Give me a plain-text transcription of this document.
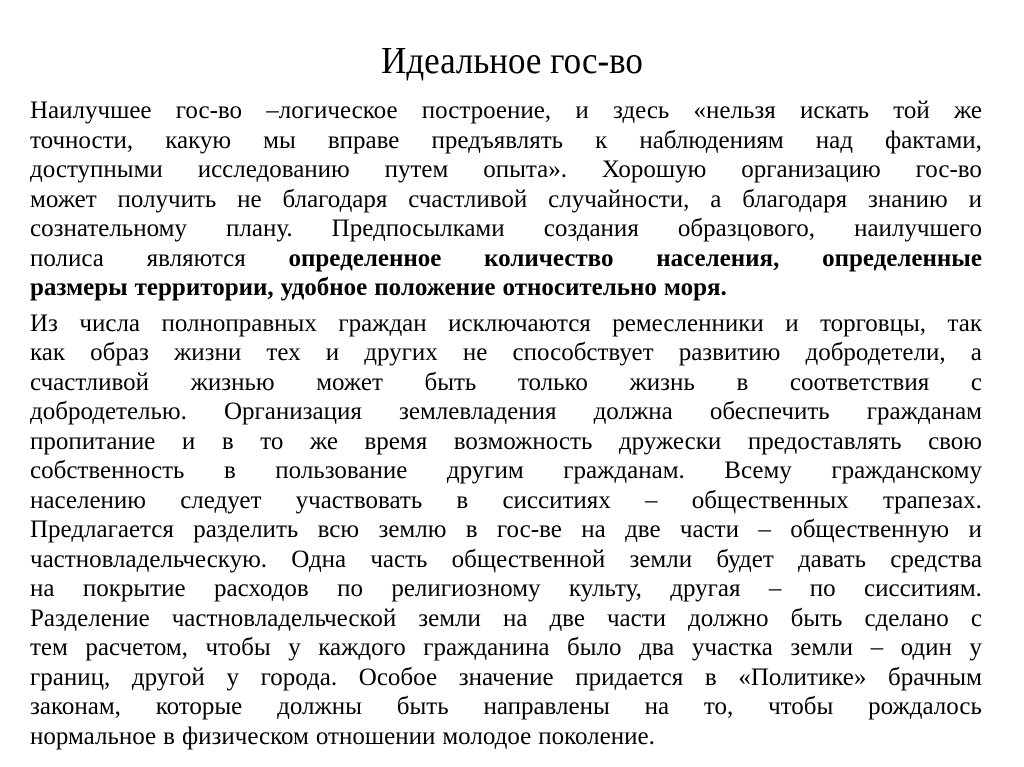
Идеальное гос-во

Наилучшее гос-во –логическое построение, и здесь «нельзя искать той же
точности, какую мы вправе предъявлять к наблюдениям над фактами,
доступными исследованию путем опыта». Хорошую организацию гос-во
может получить не благодаря счастливой случайности, а благодаря знанию и
сознательному плану. Предпосылками создания образцового, наилучшего
полиса являются определенное количество населения, определенные
размеры территории, удобное положение относительно моря.

Из числа полноправных граждан исключаются ремесленники и торговцы, так
как образ жизни тех и других не способствует развитию добродетели, а
счастливой жизнью может быть только жизнь в соответствия с
добродетелью. Организация землевладения должна обеспечить гражданам
пропитание и в то же время возможность дружески предоставлять свою
собственность в пользование другим гражданам. Всему гражданскому
населению следует участвовать в сисситиях – общественных трапезах.
Предлагается разделить всю землю в гос-ве на две части – общественную и
частновладельческую. Одна часть общественной земли будет давать средства
на покрытие расходов по религиозному культу, другая – по сисситиям.
Разделение частновладельческой земли на две части должно быть сделано с
тем расчетом, чтобы у каждого гражданина было два участка земли – один у
границ, другой у города. Особое значение придается в «Политике» брачным
законам, которые должны быть направлены на то, чтобы рождалось
нормальное в физическом отношении молодое поколение.
